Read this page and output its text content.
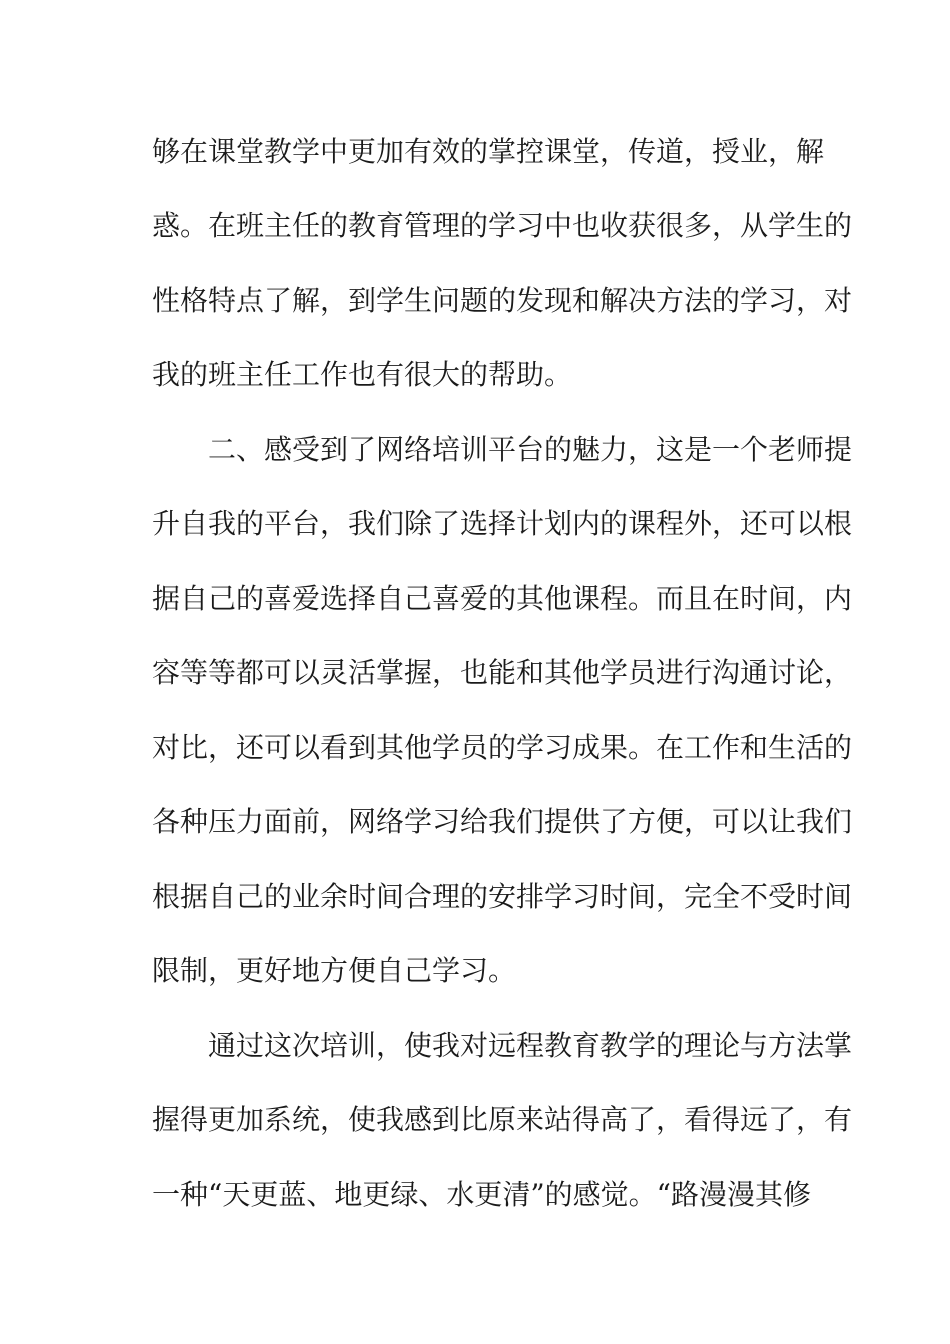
够在课堂教学中更加有效的掌控课堂，传道，授业，解
惑。在班主任的教育管理的学习中也收获很多，从学生的
性格特点了解，到学生问题的发现和解决方法的学习，对
我的班主任工作也有很大的帮助。
二、感受到了网络培训平台的魅力，这是一个老师提
升自我的平台，我们除了选择计划内的课程外，还可以根
据自己的喜爱选择自己喜爱的其他课程。而且在时间，内
容等等都可以灵活掌握，也能和其他学员进行沟通讨论，
对比，还可以看到其他学员的学习成果。在工作和生活的
各种压力面前，网络学习给我们提供了方便，可以让我们
根据自己的业余时间合理的安排学习时间，完全不受时间
限制，更好地方便自己学习。
通过这次培训，使我对远程教育教学的理论与方法掌
握得更加系统，使我感到比原来站得高了，看得远了，有
一种“天更蓝、地更绿、水更清”的感觉。“路漫漫其修
